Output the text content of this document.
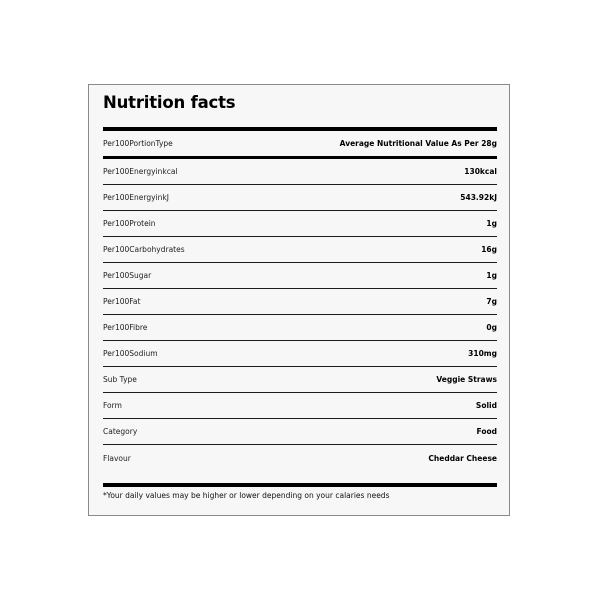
Nutrition facts
Per100PortionType	Average Nutritional Value As Per 28g
Per100Energyinkcal	130kcal
Per100EnergyinkJ	543.92kJ
Per100Protein	1g
Per100Carbohydrates	16g
Per100Sugar	1g
Per100Fat	7g
Per100Fibre	0g
Per100Sodium	310mg
Sub Type	Veggie Straws
Form	Solid
Category	Food
Flavour	Cheddar Cheese
*Your daily values may be higher or lower depending on your calaries needs
